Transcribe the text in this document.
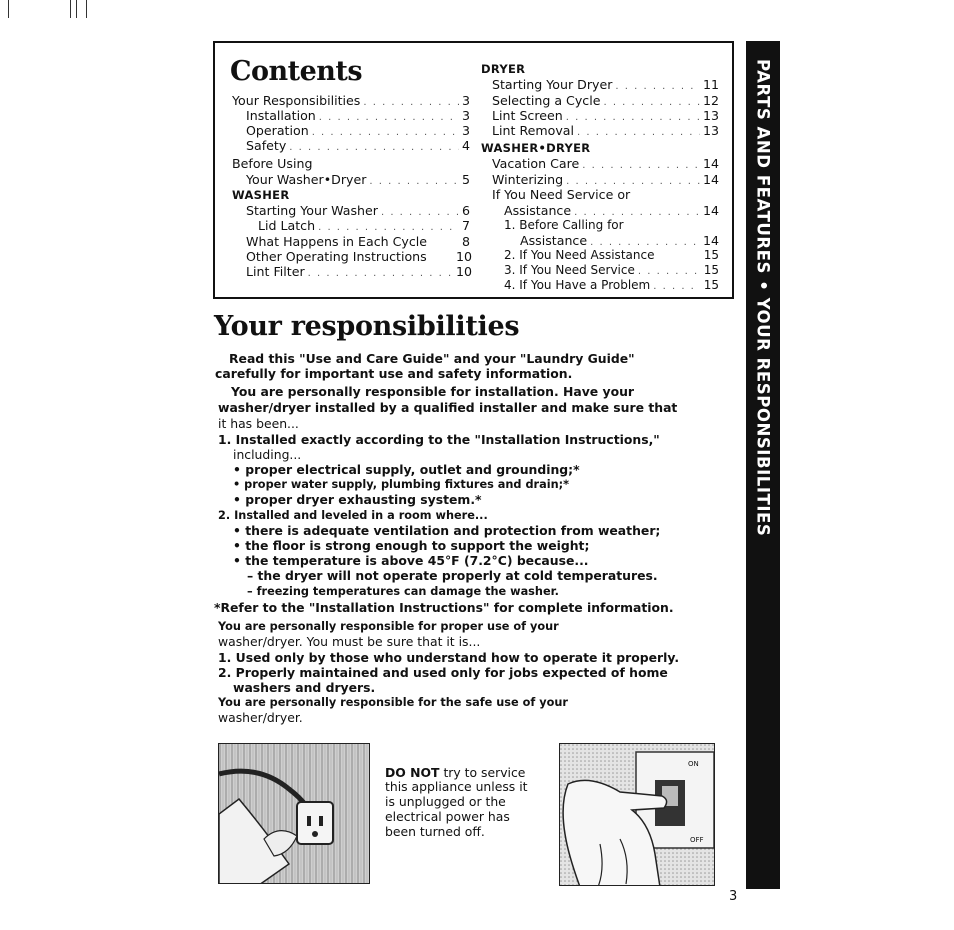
Contents
Your Responsibilities . . .	3
Installation . . .	3
Operation . . .	3
Safety . . .	4
Before Using
Your Washer•Dryer . . .	5
WASHER
Starting Your Washer . . .	6
Lid Latch . . .	7
What Happens in Each Cycle	8
Other Operating Instructions 10
Lint Filter . . .	10
DRYER
Starting Your Dryer . . .	11
Selecting a Cycle . . .	12
Lint Screen . . .	13
Lint Removal . . .	13
WASHER•DRYER
Vacation Care . . .	14
Winterizing . . .	14
If You Need Service or
Assistance . . .	14
1. Before Calling for
Assistance . . .	14
2. If You Need Assistance	15
3. If You Need Service . . .	15
4. If You Have a Problem . . .	15
Your responsibilities
Read this "Use and Care Guide" and your "Laundry Guide"
carefully for important use and safety information.
You are personally responsible for installation. Have your
washer/dryer installed by a qualified installer and make sure that
it has been...
1. Installed exactly according to the "Installation Instructions,"
including...
• proper electrical supply, outlet and grounding;*
• proper water supply, plumbing fixtures and drain;*
• proper dryer exhausting system.*
2. Installed and leveled in a room where...
• there is adequate ventilation and protection from weather;
• the floor is strong enough to support the weight;
• the temperature is above 45°F (7.2°C) because...
– the dryer will not operate properly at cold temperatures.
– freezing temperatures can damage the washer.
*Refer to the "Installation Instructions" for complete information.
You are personally responsible for proper use of your
washer/dryer. You must be sure that it is...
1. Used only by those who understand how to operate it properly.
2. Properly maintained and used only for jobs expected of home
washers and dryers.
You are personally responsible for the safe use of your
washer/dryer.
DO NOT try to service
this appliance unless it
is unplugged or the
electrical power has
been turned off.
ON
OFF
PARTS AND FEATURES • YOUR RESPONSIBILITIES
3
